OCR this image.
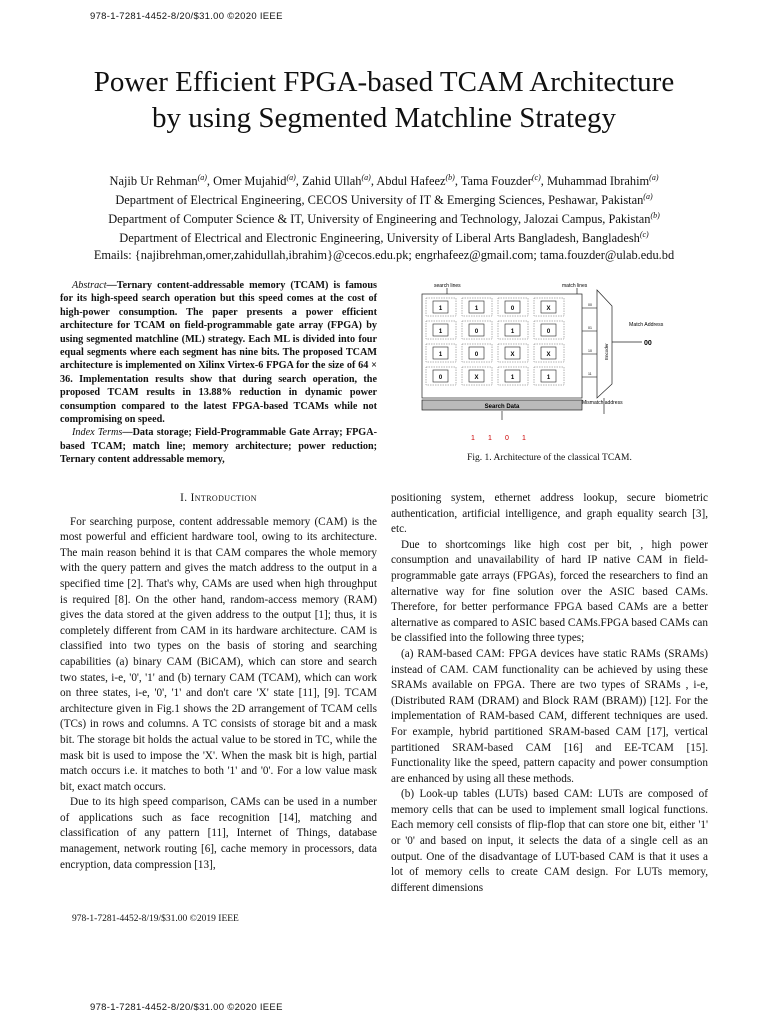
978-1-7281-4452-8/20/$31.00 ©2020 IEEE
Power Efficient FPGA-based TCAM Architecture
by using Segmented Matchline Strategy
Najib Ur Rehman$^{(a)}$, Omer Mujahid$^{(a)}$, Zahid Ullah$^{(a)}$, Abdul Hafeez$^{(b)}$, Tama Fouzder$^{(c)}$, Muhammad Ibrahim$^{(a)}$
Department of Electrical Engineering, CECOS University of IT & Emerging Sciences, Peshawar, Pakistan$^{(a)}$
Department of Computer Science & IT, University of Engineering and Technology, Jalozai Campus, Pakistan$^{(b)}$
Department of Electrical and Electronic Engineering, University of Liberal Arts Bangladesh, Bangladesh$^{(c)}$
Emails: {najibrehman,omer,zahidullah,ibrahim}@cecos.edu.pk; engrhafeez@gmail.com; tama.fouzder@ulab.edu.bd

Abstract—Ternary content-addressable memory (TCAM) is famous for its high-speed search operation but this speed comes at the cost of high-power consumption. The paper presents a power efficient architecture for TCAM on field-programmable gate array (FPGA) by using segmented matchline (ML) strategy. Each ML is divided into four equal segments where each segment has nine bits. The proposed TCAM architecture is implemented on Xilinx Virtex-6 FPGA for the size of 64 × 36. Implementation results show that during search operation, the proposed TCAM results in 13.88% reduction in dynamic power consumption compared to the latest FPGA-based TCAMs while not compromising on speed.

Index Terms—Data storage; Field-Programmable Gate Array; FPGA-based TCAM; match line; memory architecture; power reduction; Ternary content addressable memory,

1	1	0	X
00
1	0	1	0
01
1	0	X	X
10
0	X	1	1
11
search lines	match lines
Match Address
00
Encoder
Mismatch address
Search Data
1 1 0 1
Fig. 1. Architecture of the classical TCAM.
I. Introduction

For searching purpose, content addressable memory (CAM) is the most powerful and efficient hardware tool, owing to its architecture. The main reason behind it is that CAM compares the whole memory with the query pattern and gives the match address to the output in a specified time [2]. That's why, CAMs are used when high throughput is required [8]. On the other hand, random-access memory (RAM) gives the data stored at the given address to the output [1]; thus, it is completely different from CAM in its hardware architecture. CAM is classified into two types on the basis of storing and searching capabilities (a) binary CAM (BiCAM), which can store and search two states, i-e, '0', '1' and (b) ternary CAM (TCAM), which can work on three states, i-e, '0', '1' and don't care 'X' state [11], [9]. TCAM architecture given in Fig.1 shows the 2D arrangement of TCAM cells (TCs) in rows and columns. A TC consists of storage bit and a mask bit. The storage bit holds the actual value to be stored in TC, while the mask bit is used to impose the 'X'. When the mask bit is high, partial match occurs i.e. it matches to both '1' and '0'. For a low value mask bit, exact match occurs.

Due to its high speed comparison, CAMs can be used in a number of applications such as face recognition [14], matching and classification of any pattern [11], Internet of Things, database management, network routing [6], cache memory in processors, data encryption, data compression [13],

positioning system, ethernet address lookup, secure biometric authentication, artificial intelligence, and graph equality search [3], etc.

Due to shortcomings like high cost per bit, , high power consumption and unavailability of hard IP native CAM in field-programmable gate arrays (FPGAs), forced the researchers to find an alternative way for fine solution over the ASIC based CAMs. Therefore, for better performance FPGA based CAMs are a better alternative as compared to ASIC based CAMs.FPGA based CAMs can be classified into the following three types;

(a) RAM-based CAM: FPGA devices have static RAMs (SRAMs) instead of CAM. CAM functionality can be achieved by using these SRAMs available on FPGA. There are two types of SRAMs , i-e, (Distributed RAM (DRAM) and Block RAM (BRAM)) [12]. For the implementation of RAM-based CAM, different techniques are used. For example, hybrid partitioned SRAM-based CAM [17], vertical partitioned SRAM-based CAM [16] and EE-TCAM [15]. Functionality like the speed, pattern capacity and power consumption are enhanced by using all these methods.

(b) Look-up tables (LUTs) based CAM: LUTs are composed of memory cells that can be used to implement small logical functions. Each memory cell consists of flip-flop that can store one bit, either '1' or '0' and based on input, it selects the data of a single cell as an output. One of the disadvantage of LUT-based CAM is that it uses a lot of memory cells to create CAM design. For LUTs memory, different dimensions

978-1-7281-4452-8/19/$31.00 ©2019 IEEE
978-1-7281-4452-8/20/$31.00 ©2020 IEEE
